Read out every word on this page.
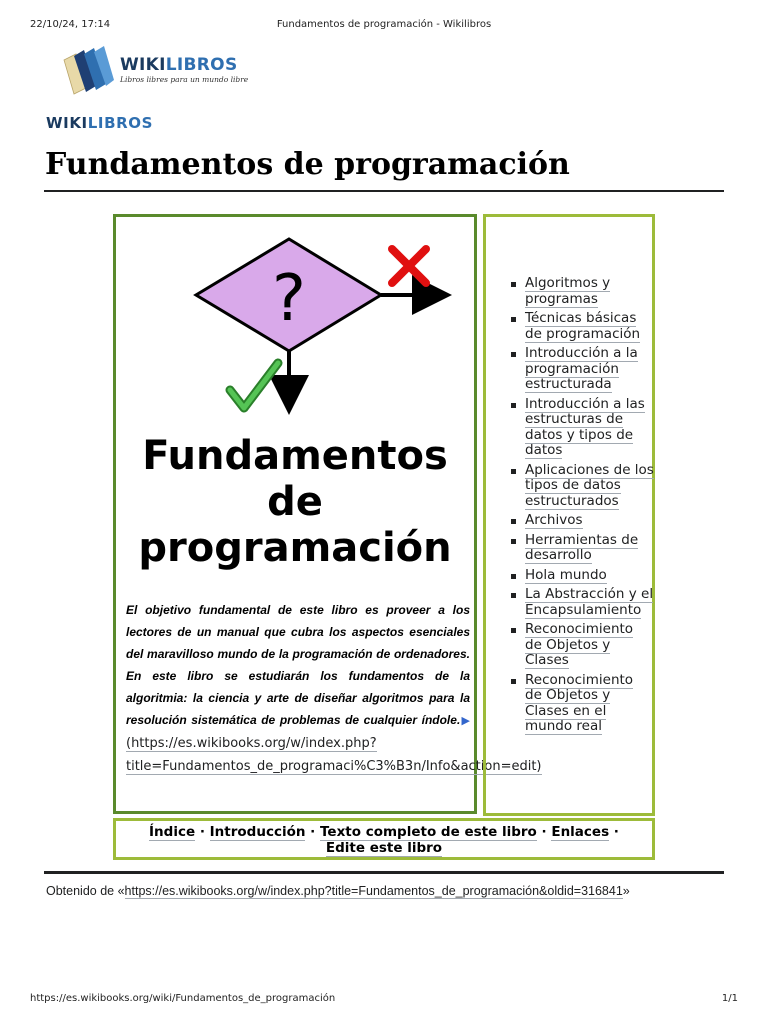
22/10/24, 17:14	Fundamentos de programación - Wikilibros
WIKILIBROS
Libros libres para un mundo libre
WIKILIBROS
Fundamentos de programación
?
Fundamentos
de
programación
El objetivo fundamental de este libro es proveer a los lectores de un manual que cubra los aspectos esenciales del maravilloso mundo de la programación de ordenadores. En este libro se estudiarán los fundamentos de la algoritmia: la ciencia y arte de diseñar algoritmos para la resolución sistemática de problemas de cualquier índole.▶ (https://es.wikibooks.org/w/index.php?title=Fundamentos_de_programaci%C3%B3n/Info&action=edit)
Algoritmos y programas
Técnicas básicas de programación
Introducción a la programación estructurada
Introducción a las estructuras de datos y tipos de datos
Aplicaciones de los tipos de datos estructurados
Archivos
Herramientas de desarrollo
Hola mundo
La Abstracción y el Encapsulamiento
Reconocimiento de Objetos y Clases
Reconocimiento de Objetos y Clases en el mundo real
Índice · Introducción · Texto completo de este libro · Enlaces ·
Edite este libro
Obtenido de «https://es.wikibooks.org/w/index.php?title=Fundamentos_de_programación&oldid=316841»
https://es.wikibooks.org/wiki/Fundamentos_de_programación	1/1
